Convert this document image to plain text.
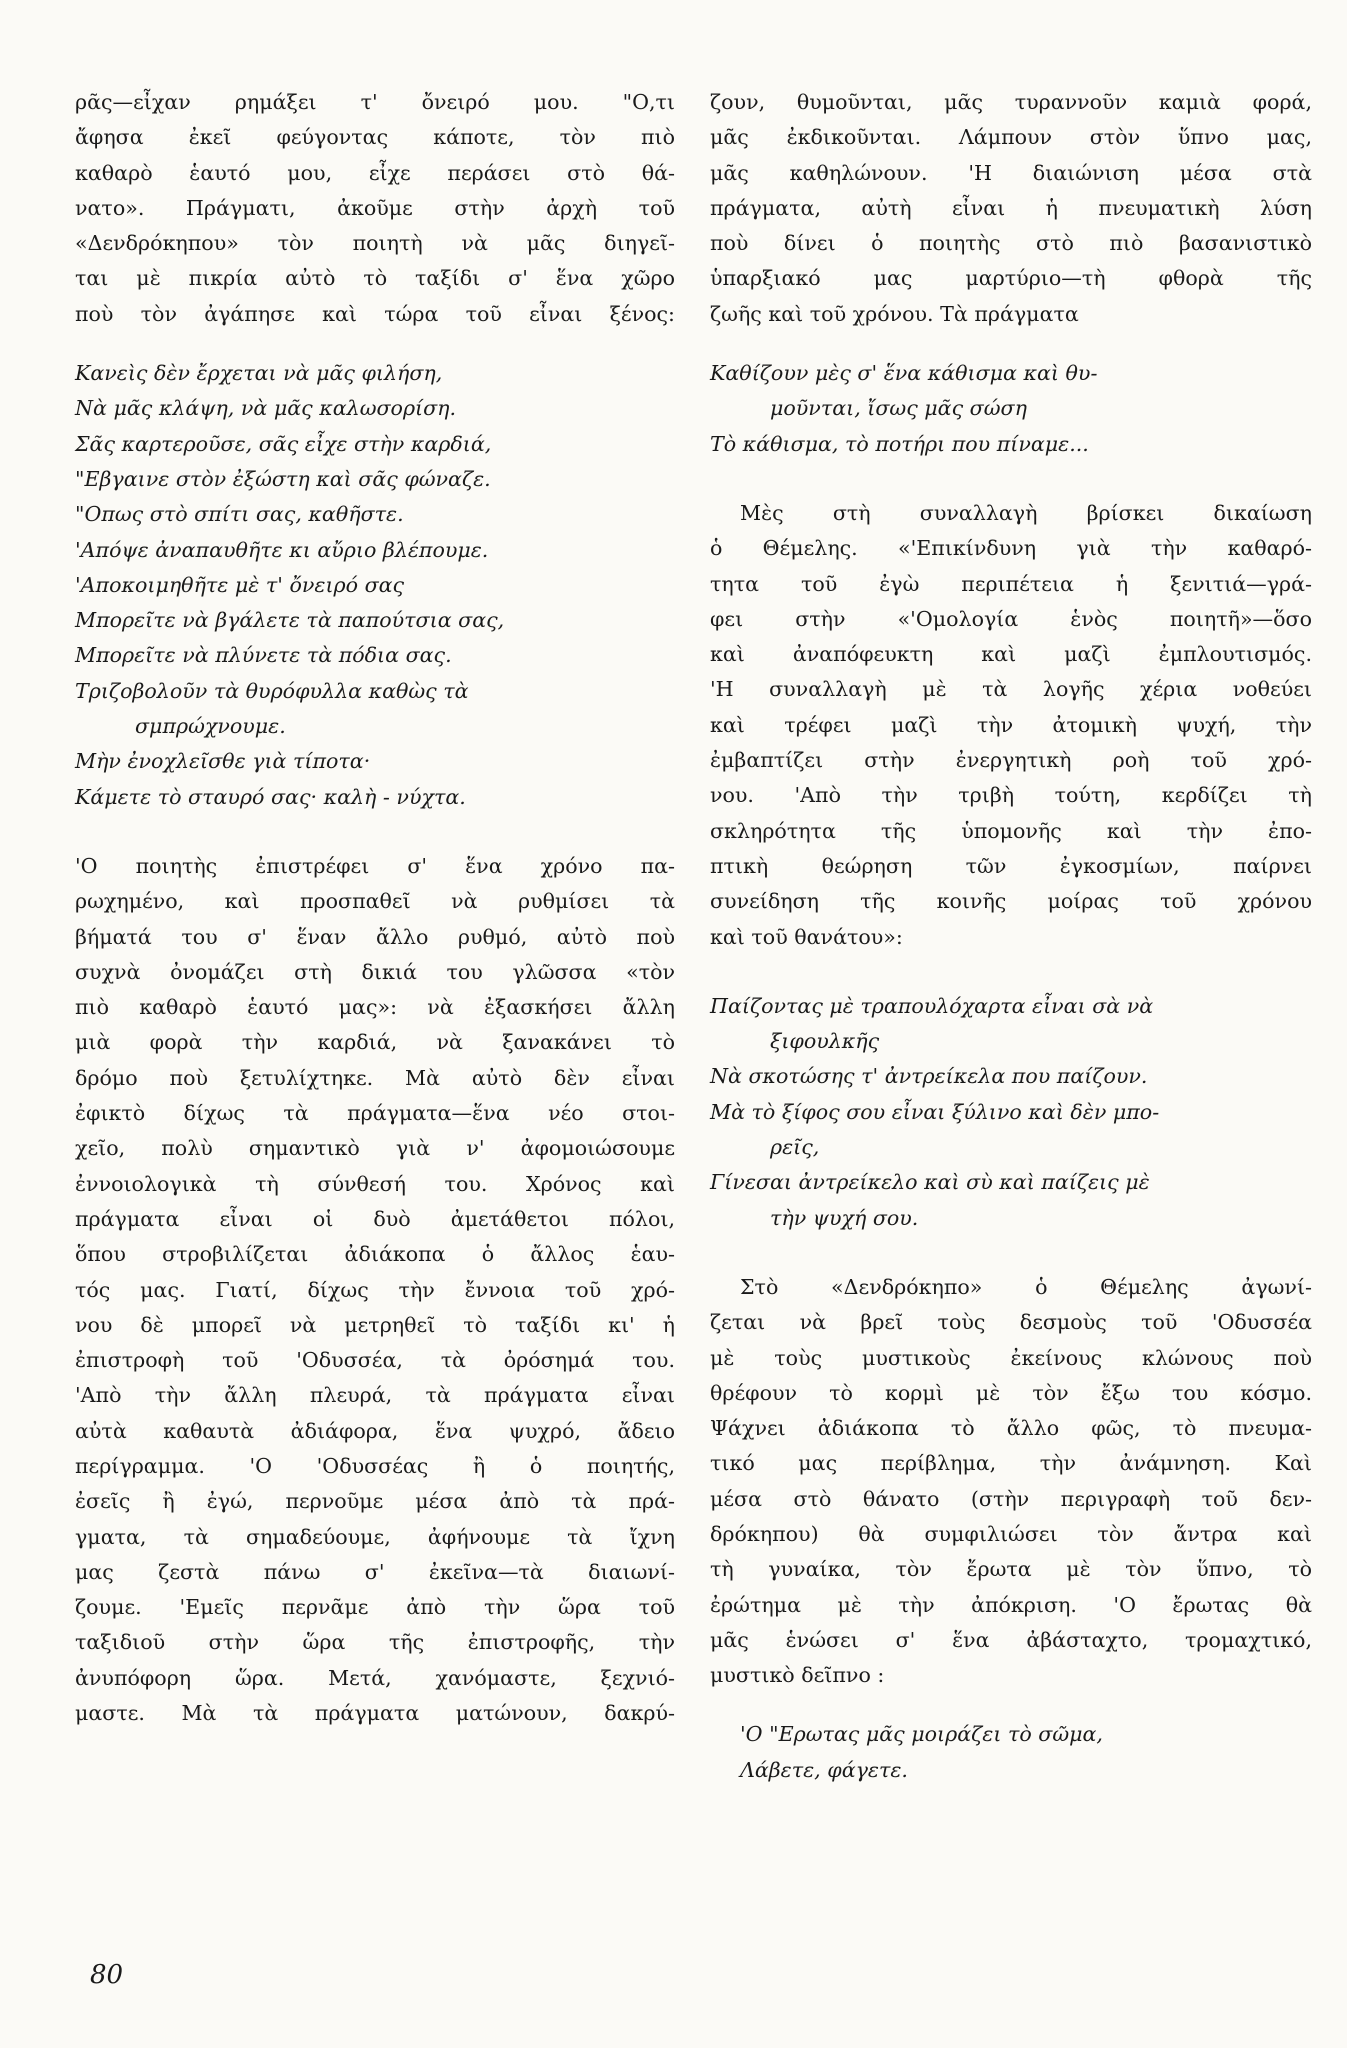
ρᾶς—εἶχαν ρημάξει τ' ὄνειρό μου. "Ο,τι
ἄφησα ἐκεῖ φεύγοντας κάποτε, τὸν πιὸ
καθαρὸ ἑαυτό μου, εἶχε περάσει στὸ θά-
νατο». Πράγματι, ἀκοῦμε στὴν ἀρχὴ τοῦ
«Δενδρόκηπου» τὸν ποιητὴ νὰ μᾶς διηγεῖ-
ται μὲ πικρία αὐτὸ τὸ ταξίδι σ' ἕνα χῶρο
ποὺ τὸν ἀγάπησε καὶ τώρα τοῦ εἶναι ξένος:
Κανεὶς δὲν ἔρχεται νὰ μᾶς φιλήση,
Νὰ μᾶς κλάψη, νὰ μᾶς καλωσορίση.
Σᾶς καρτεροῦσε, σᾶς εἶχε στὴν καρδιά,
"Εβγαινε στὸν ἐξώστη καὶ σᾶς φώναζε.
"Οπως στὸ σπίτι σας, καθῆστε.
'Απόψε ἀναπαυθῆτε κι αὔριο βλέπουμε.
'Αποκοιμηθῆτε μὲ τ' ὄνειρό σας
Μπορεῖτε νὰ βγάλετε τὰ παπούτσια σας,
Μπορεῖτε νὰ πλύνετε τὰ πόδια σας.
Τριζοβολοῦν τὰ θυρόφυλλα καθὼς τὰ
σμπρώχνουμε.
Μὴν ἐνοχλεῖσθε γιὰ τίποτα·
Κάμετε τὸ σταυρό σας· καλὴ - νύχτα.
'Ο ποιητὴς ἐπιστρέφει σ' ἕνα χρόνο πα-
ρωχημένο, καὶ προσπαθεῖ νὰ ρυθμίσει τὰ
βήματά του σ' ἕναν ἄλλο ρυθμό, αὐτὸ ποὺ
συχνὰ ὀνομάζει στὴ δικιά του γλῶσσα «τὸν
πιὸ καθαρὸ ἑαυτό μας»: νὰ ἐξασκήσει ἄλλη
μιὰ φορὰ τὴν καρδιά, νὰ ξανακάνει τὸ
δρόμο ποὺ ξετυλίχτηκε. Μὰ αὐτὸ δὲν εἶναι
ἐφικτὸ δίχως τὰ πράγματα—ἕνα νέο στοι-
χεῖο, πολὺ σημαντικὸ γιὰ ν' ἀφομοιώσουμε
ἐννοιολογικὰ τὴ σύνθεσή του. Χρόνος καὶ
πράγματα εἶναι οἱ δυὸ ἀμετάθετοι πόλοι,
ὅπου στροβιλίζεται ἀδιάκοπα ὁ ἄλλος ἑαυ-
τός μας. Γιατί, δίχως τὴν ἔννοια τοῦ χρό-
νου δὲ μπορεῖ νὰ μετρηθεῖ τὸ ταξίδι κι' ἡ
ἐπιστροφὴ τοῦ 'Οδυσσέα, τὰ ὀρόσημά του.
'Απὸ τὴν ἄλλη πλευρά, τὰ πράγματα εἶναι
αὐτὰ καθαυτὰ ἀδιάφορα, ἕνα ψυχρό, ἄδειο
περίγραμμα. 'Ο 'Οδυσσέας ἢ ὁ ποιητής,
ἐσεῖς ἢ ἐγώ, περνοῦμε μέσα ἀπὸ τὰ πρά-
γματα, τὰ σημαδεύουμε, ἀφήνουμε τὰ ἴχνη
μας ζεστὰ πάνω σ' ἐκεῖνα—τὰ διαιωνί-
ζουμε. 'Εμεῖς περνᾶμε ἀπὸ τὴν ὥρα τοῦ
ταξιδιοῦ στὴν ὥρα τῆς ἐπιστροφῆς, τὴν
ἀνυπόφορη ὥρα. Μετά, χανόμαστε, ξεχνιό-
μαστε. Μὰ τὰ πράγματα ματώνουν, δακρύ-
ζουν, θυμοῦνται, μᾶς τυραννοῦν καμιὰ φορά,
μᾶς ἐκδικοῦνται. Λάμπουν στὸν ὕπνο μας,
μᾶς καθηλώνουν. 'Η διαιώνιση μέσα στὰ
πράγματα, αὐτὴ εἶναι ἡ πνευματικὴ λύση
ποὺ δίνει ὁ ποιητὴς στὸ πιὸ βασανιστικὸ
ὑπαρξιακό μας μαρτύριο—τὴ φθορὰ τῆς
ζωῆς καὶ τοῦ χρόνου. Τὰ πράγματα
Καθίζουν μὲς σ' ἕνα κάθισμα καὶ θυ-
μοῦνται, ἴσως μᾶς σώση
Τὸ κάθισμα, τὸ ποτήρι που πίναμε...
Μὲς στὴ συναλλαγὴ βρίσκει δικαίωση
ὁ Θέμελης. «'Επικίνδυνη γιὰ τὴν καθαρό-
τητα τοῦ ἐγὼ περιπέτεια ἡ ξενιτιά—γρά-
φει στὴν «'Ομολογία ἑνὸς ποιητῆ»—ὅσο
καὶ ἀναπόφευκτη καὶ μαζὶ ἐμπλουτισμός.
'Η συναλλαγὴ μὲ τὰ λογῆς χέρια νοθεύει
καὶ τρέφει μαζὶ τὴν ἀτομικὴ ψυχή, τὴν
ἐμβαπτίζει στὴν ἐνεργητικὴ ροὴ τοῦ χρό-
νου. 'Απὸ τὴν τριβὴ τούτη, κερδίζει τὴ
σκληρότητα τῆς ὑπομονῆς καὶ τὴν ἐπο-
πτικὴ θεώρηση τῶν ἐγκοσμίων, παίρνει
συνείδηση τῆς κοινῆς μοίρας τοῦ χρόνου
καὶ τοῦ θανάτου»:
Παίζοντας μὲ τραπουλόχαρτα εἶναι σὰ νὰ
ξιφουλκῆς
Νὰ σκοτώσης τ' ἀντρείκελα που παίζουν.
Μὰ τὸ ξίφος σου εἶναι ξύλινο καὶ δὲν μπο-
ρεῖς,
Γίνεσαι ἀντρείκελο καὶ σὺ καὶ παίζεις μὲ
τὴν ψυχή σου.
Στὸ «Δενδρόκηπο» ὁ Θέμελης ἀγωνί-
ζεται νὰ βρεῖ τοὺς δεσμοὺς τοῦ 'Οδυσσέα
μὲ τοὺς μυστικοὺς ἐκείνους κλώνους ποὺ
θρέφουν τὸ κορμὶ μὲ τὸν ἔξω του κόσμο.
Ψάχνει ἀδιάκοπα τὸ ἄλλο φῶς, τὸ πνευμα-
τικό μας περίβλημα, τὴν ἀνάμνηση. Καὶ
μέσα στὸ θάνατο (στὴν περιγραφὴ τοῦ δεν-
δρόκηπου) θὰ συμφιλιώσει τὸν ἄντρα καὶ
τὴ γυναίκα, τὸν ἔρωτα μὲ τὸν ὕπνο, τὸ
ἐρώτημα μὲ τὴν ἀπόκριση. 'Ο ἔρωτας θὰ
μᾶς ἑνώσει σ' ἕνα ἀβάσταχτο, τρομαχτικό,
μυστικὸ δεῖπνο :
'Ο "Ερωτας μᾶς μοιράζει τὸ σῶμα,
Λάβετε, φάγετε.
80
